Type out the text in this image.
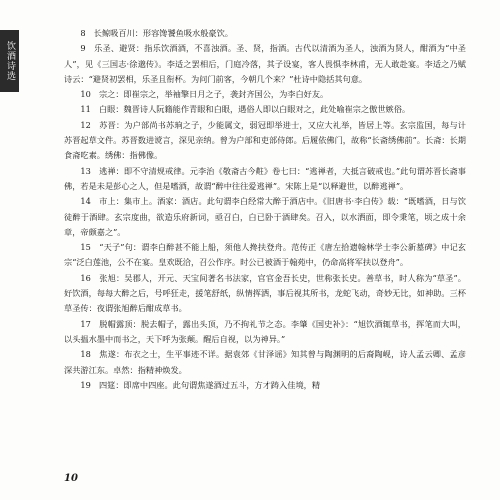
饮酒诗选

8　长鲸吸百川：形容馋饕鱼吸水般豪饮。

9　乐圣、避贤：指乐饮酒酒，不喜浊酒。圣、贤，指酒。古代以清酒为圣人，浊酒为贤人，酣酒为“中圣人”，见《三国志·徐邈传》。李适之罢相后，门庭冷落，其子设宴，客人畏惧李林甫，无人敢赴宴。李适之乃赋诗云：“避贤初罢相，乐圣且衔杯。为问门前客，今朝几个来？”杜诗中隐括其句意。

10　宗之：即崔宗之，举袖擎日月之子，袭封齐国公，为李白好友。

11　白眼：魏晋诗人阮籍能作青眼和白眼，遇俗人即以白眼对之，此处喻崔宗之傲世嫉俗。

12　苏晋：为户部尚书苏珦之子，少能属文，弱冠即举进士，又应大礼举，皆居上等。玄宗监国，每与计苏晋起草文件。苏晋数进谠言，深见亲纳。曾为户部和吏部侍郎。后履依佛门，故称“长斋绣佛前”。长斋：长期食斋吃素。绣佛：指佛像。

13　逃禅：即不守清规戒律。元李治《敬斋古今黈》卷七曰：“逃禅者，大抵言破戒也。”此句谓苏晋长斋事佛，若是未是彭心之人，但是嗜酒，故谓“醉中往往爱逃禅”。宋陈上是“以释避世，以醉逃禅”。

14　市上：集市上。酒家：酒店。此句谓李白经常大醉于酒店中。《旧唐书·李白传》载：“既嗜酒，日与饮徒醉于酒肆。玄宗度曲，欲造乐府新词，亟召白，白已卧于酒肆矣。召入，以水洒面，即令秉笔，顷之成十余章，帝颇嘉之”。

15　“天子”句：谓李白醉甚不能上船，须他人搀扶登舟。范传正《唐左拾遗翰林学士李公新墓碑》中记玄宗“泛白莲池，公不在宴。皇欢既洽，召公作序。时公已被酒于翰苑中，仍命高将军扶以登舟”。

16　张旭：吴郡人，开元、天宝间著名书法家，官官金吾长史，世称张长史。善草书，时人称为“草圣”。好饮酒，每每大醉之后，号呼狂走，援笔舒纸，纵情挥洒，事后视其所书，龙蛇飞动，奇妙无比，如神助。三杯草圣传：夜谓张旭醉后酣成草书。

17　脱帽露顶：脱去帽子，露出头顶，乃不拘礼节之态。李肇《国史补》：“旭饮酒辄草书，挥笔而大叫，以头揾水墨中而书之，天下呼为张颠。醒后自视，以为神异。”

18　焦遂：布衣之士，生平事迹不详。据袁郊《甘泽谣》知其曾与陶渊明的后裔陶岘，诗人孟云卿、孟彦深共游江东。卓然：指精神焕发。

19　四筵：即席中四座。此句谓焦遂酒过五斗，方才踌入佳境，精

10
